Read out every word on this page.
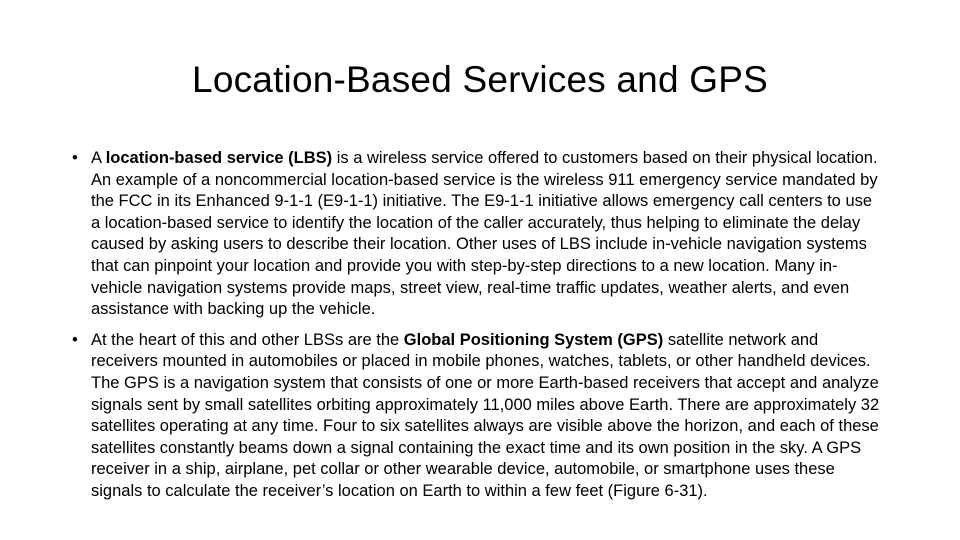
Location-Based Services and GPS
• A location-based service (LBS) is a wireless service offered to customers based on their physical location. An example of a noncommercial location-based service is the wireless 911 emergency service mandated by the FCC in its Enhanced 9-1-1 (E9-1-1) initiative. The E9-1-1 initiative allows emergency call centers to use a location-based service to identify the location of the caller accurately, thus helping to eliminate the delay caused by asking users to describe their location. Other uses of LBS include in-vehicle navigation systems that can pinpoint your location and provide you with step-by-step directions to a new location. Many in-vehicle navigation systems provide maps, street view, real-time traffic updates, weather alerts, and even assistance with backing up the vehicle.
• At the heart of this and other LBSs are the Global Positioning System (GPS) satellite network and receivers mounted in automobiles or placed in mobile phones, watches, tablets, or other handheld devices. The GPS is a navigation system that consists of one or more Earth-based receivers that accept and analyze signals sent by small satellites orbiting approximately 11,000 miles above Earth. There are approximately 32 satellites operating at any time. Four to six satellites always are visible above the horizon, and each of these satellites constantly beams down a signal containing the exact time and its own position in the sky. A GPS receiver in a ship, airplane, pet collar or other wearable device, automobile, or smartphone uses these signals to calculate the receiver’s location on Earth to within a few feet (Figure 6-31).
